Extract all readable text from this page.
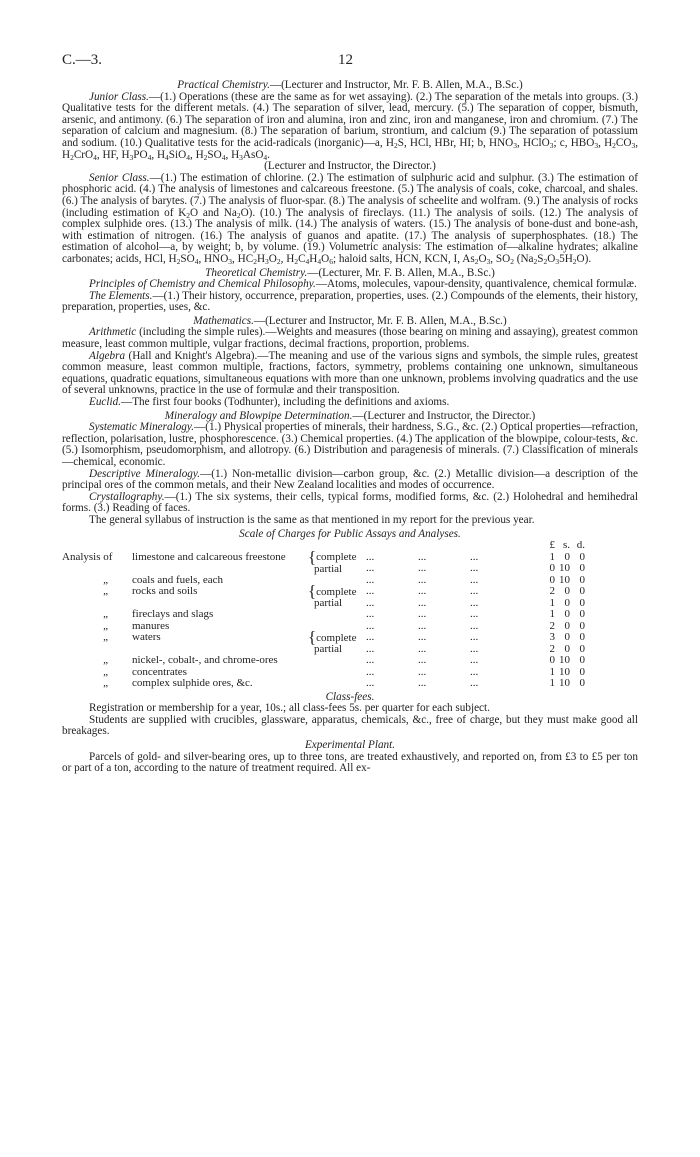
C.—3.	12

Practical Chemistry.—(Lecturer and Instructor, Mr. F. B. Allen, M.A., B.Sc.)

Junior Class.—(1.) Operations (these are the same as for wet assaying). (2.) The separation of the metals into groups. (3.) Qualitative tests for the different metals. (4.) The separation of silver, lead, mercury. (5.) The separation of copper, bismuth, arsenic, and antimony. (6.) The separation of iron and alumina, iron and zinc, iron and manganese, iron and chromium. (7.) The separation of calcium and magnesium. (8.) The separation of barium, strontium, and calcium (9.) The separation of potassium and sodium. (10.) Qualitative tests for the acid-radicals (inorganic)—a, $H_2S$, HCl, HBr, HI; b, $HNO_3$, HClO$_3$; c, $HBO_3$, $H_2CO_3$, $H_2CrO_4$, HF, $H_3PO_4$, $H_4SiO_4$, $H_2SO_4$, $H_3AsO_4$.

(Lecturer and Instructor, the Director.)

Senior Class.—(1.) The estimation of chlorine. (2.) The estimation of sulphuric acid and sulphur. (3.) The estimation of phosphoric acid. (4.) The analysis of limestones and calcareous freestone. (5.) The analysis of coals, coke, charcoal, and shales. (6.) The analysis of barytes. (7.) The analysis of fluor-spar. (8.) The analysis of scheelite and wolfram. (9.) The analysis of rocks (including estimation of $K_2O$ and $Na_2O$). (10.) The analysis of fireclays. (11.) The analysis of soils. (12.) The analysis of complex sulphide ores. (13.) The analysis of milk. (14.) The analysis of waters. (15.) The analysis of bone-dust and bone-ash, with estimation of nitrogen. (16.) The analysis of guanos and apatite. (17.) The analysis of superphosphates. (18.) The estimation of alcohol—a, by weight; b, by volume. (19.) Volumetric analysis: The estimation of—alkaline hydrates; alkaline carbonates; acids, HCl, $H_2SO_4$, $HNO_3$, $HC_2H_3O_2$, $H_2C_4H_4O_6$; haloid salts, HCN, KCN, I, $As_2O_3$, $SO_2$ $(Na_2S_2O_35H_2O)$.

Theoretical Chemistry.—(Lecturer, Mr. F. B. Allen, M.A., B.Sc.)

Principles of Chemistry and Chemical Philosophy.—Atoms, molecules, vapour-density, quantivalence, chemical formulæ.

The Elements.—(1.) Their history, occurrence, preparation, properties, uses. (2.) Compounds of the elements, their history, preparation, properties, uses, &c.

Mathematics.—(Lecturer and Instructor, Mr. F. B. Allen, M.A., B.Sc.)

Arithmetic (including the simple rules).—Weights and measures (those bearing on mining and assaying), greatest common measure, least common multiple, vulgar fractions, decimal fractions, proportion, problems.

Algebra (Hall and Knight's Algebra).—The meaning and use of the various signs and symbols, the simple rules, greatest common measure, least common multiple, fractions, factors, symmetry, problems containing one unknown, simultaneous equations, quadratic equations, simultaneous equations with more than one unknown, problems involving quadratics and the use of several unknowns, practice in the use of formulæ and their transposition.

Euclid.—The first four books (Todhunter), including the definitions and axioms.

Mineralogy and Blowpipe Determination.—(Lecturer and Instructor, the Director.)

Systematic Mineralogy.—(1.) Physical properties of minerals, their hardness, S.G., &c. (2.) Optical properties—refraction, reflection, polarisation, lustre, phosphorescence. (3.) Chemical properties. (4.) The application of the blowpipe, colour-tests, &c. (5.) Isomorphism, pseudomorphism, and allotropy. (6.) Distribution and paragenesis of minerals. (7.) Classification of minerals—chemical, economic.

Descriptive Mineralogy.—(1.) Non-metallic division—carbon group, &c. (2.) Metallic division—a description of the principal ores of the common metals, and their New Zealand localities and modes of occurrence.

Crystallography.—(1.) The six systems, their cells, typical forms, modified forms, &c. (2.) Holohedral and hemihedral forms. (3.) Reading of faces.

The general syllabus of instruction is the same as that mentioned in my report for the previous year.

Scale of Charges for Public Assays and Analyses.

								£	s.	d.
Analysis of		limestone and calcareous freestone	{complete	...	...	...		1	0	0
			partial	...	...	...		0	10	0
„		coals and fuels, each		...	...	...		0	10	0
„		rocks and soils	{complete	...	...	...		2	0	0
			partial	...	...	...		1	0	0
„		fireclays and slags		...	...	...		1	0	0
„		manures		...	...	...		2	0	0
„		waters	{complete	...	...	...		3	0	0
			partial	...	...	...		2	0	0
„		nickel-, cobalt-, and chrome-ores		...	...	...		0	10	0
„		concentrates		...	...	...		1	10	0
„		complex sulphide ores, &c.		...	...	...		1	10	0

Class-fees.

Registration or membership for a year, 10s.; all class-fees 5s. per quarter for each subject.

Students are supplied with crucibles, glassware, apparatus, chemicals, &c., free of charge, but they must make good all breakages.

Experimental Plant.

Parcels of gold- and silver-bearing ores, up to three tons, are treated exhaustively, and reported on, from £3 to £5 per ton or part of a ton, according to the nature of treatment required. All ex-
